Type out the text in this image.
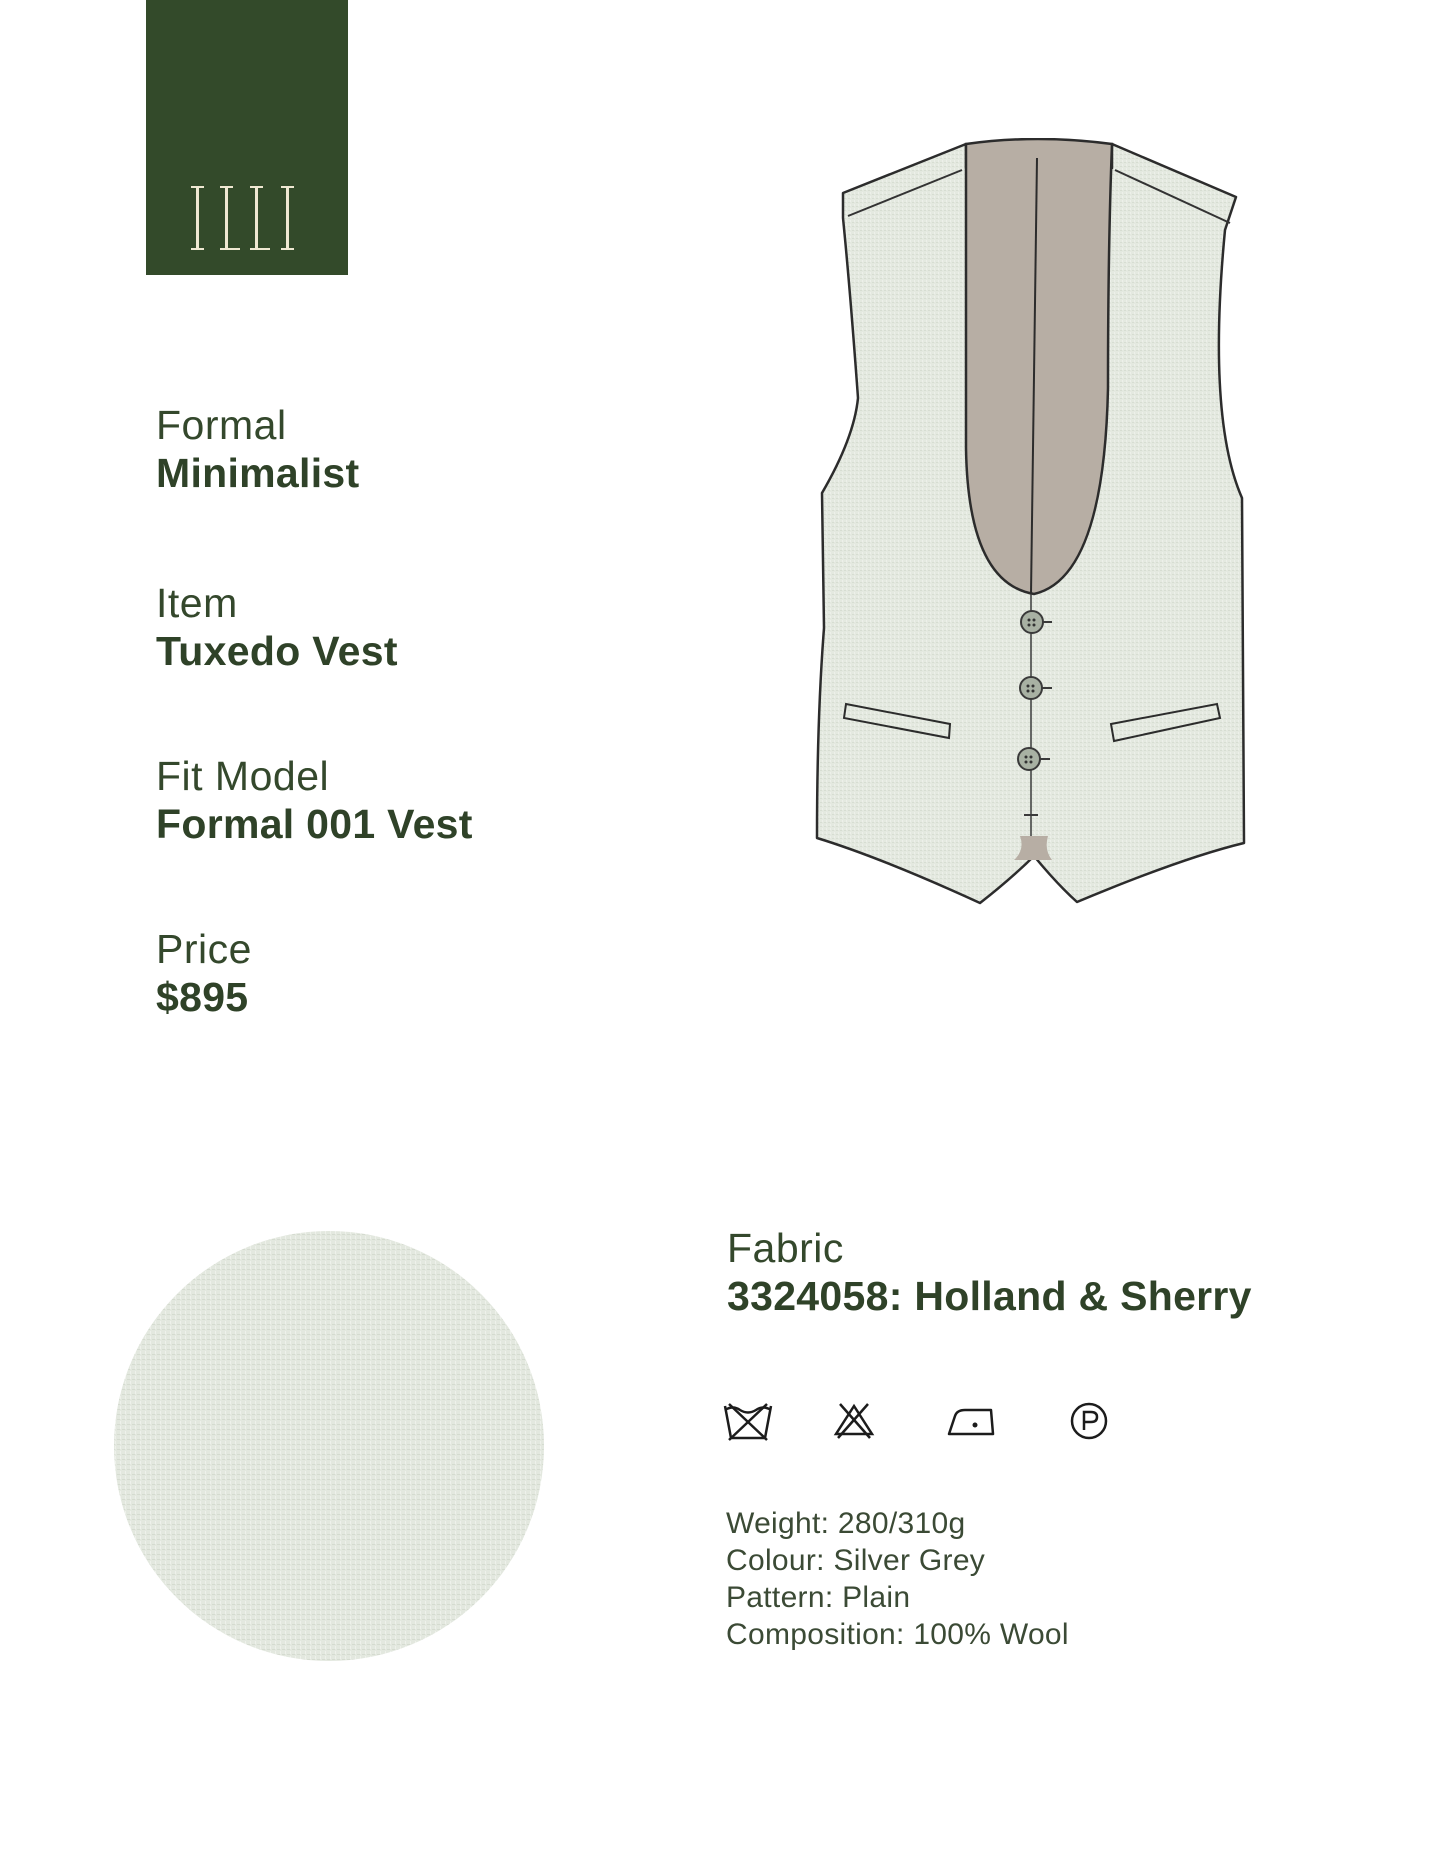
Formal
Minimalist
Item
Tuxedo Vest
Fit Model
Formal 001 Vest
Price
$895
Fabric
3324058: Holland & Sherry
Weight: 280/310g
Colour: Silver Grey
Pattern: Plain
Composition: 100% Wool
